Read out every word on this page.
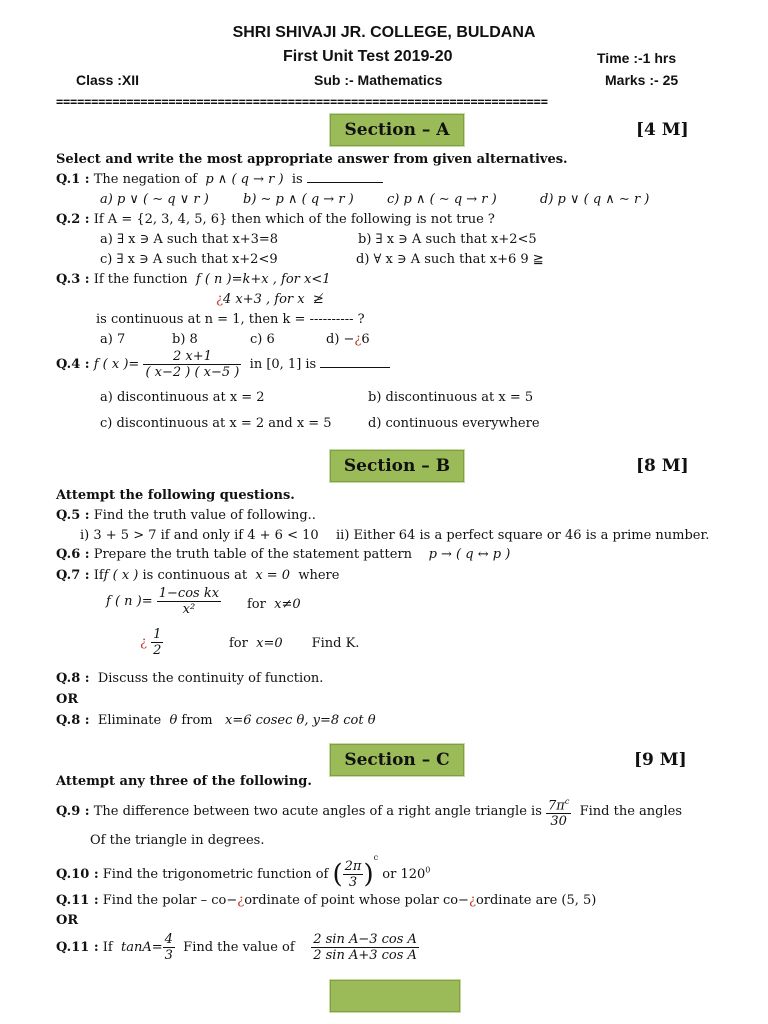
SHRI SHIVAJI JR. COLLEGE, BULDANA
First Unit Test 2019-20	Time :-1 hrs
Class :XII	Sub :- Mathematics	Marks :- 25
======================================================================
Section – A	[4 M]
Select and write the most appropriate answer from given alternatives.
Q.1 : The negation of p ∧ ( q → r ) is
a) p ∨ ( ∼ q ∨ r )	b) ∼ p ∧ ( q → r )	c) p ∧ ( ∼ q → r )	d) p ∨ ( q ∧ ∼ r )
Q.2 : If A = {2, 3, 4, 5, 6} then which of the following is not true ?
a) ∃ x ∋ A such that x+3=8	b) ∃ x ∋ A such that x+2<5
c) ∃ x ∋ A such that x+2<9	d) ∀ x ∋ A such that x+6 9 ≧
Q.3 : If the function f ( n )=k+x , for x<1
¿4 x+3 , for x ≱
is continuous at n = 1, then k = ---------- ?
a) 7	b) 8	c) 6	d) −¿6
Q.4 : f ( x )= $\frac{2 x+1}{( x-2 ) ( x-5 )}$ in [0, 1] is
a) discontinuous at x = 2	b) discontinuous at x = 5
c) discontinuous at x = 2 and x = 5	d) continuous everywhere
Section – B	[8 M]
Attempt the following questions.
Q.5 : Find the truth value of following..
i) 3 + 5 > 7 if and only if 4 + 6 < 10 ii) Either 64 is a perfect square or 46 is a prime number.
Q.6 : Prepare the truth table of the statement pattern p → ( q ↔ p )
Q.7 : Iff ( x ) is continuous at x = 0 where
f ( n )= $\frac{\text{1−cos kx}}{\text{x²}}$ for x≠0
¿ $\frac{1}{2}$	for x=0 Find K.
Q.8 : Discuss the continuity of function.
OR
Q.8 : Eliminate θ from x=6 cosec θ, y=8 cot θ
Section – C	[9 M]
Attempt any three of the following.
Q.9 : The difference between two acute angles of a right angle triangle is $\frac{7\pi^c}{30}$ Find the angles
Of the triangle in degrees.
Q.10 : Find the trigonometric function of ( $\frac{2\pi}{3} )^c$ or $120^0$
Q.11 : Find the polar – co−¿ordinate of point whose polar co−¿ordinate are (5, 5)
OR
Q.11 : If $\tan A= \frac{4}{3}$ Find the value of $\frac{\text{2 sin A−3 cos A}}{\text{2 sin A+3 cos A}}$
